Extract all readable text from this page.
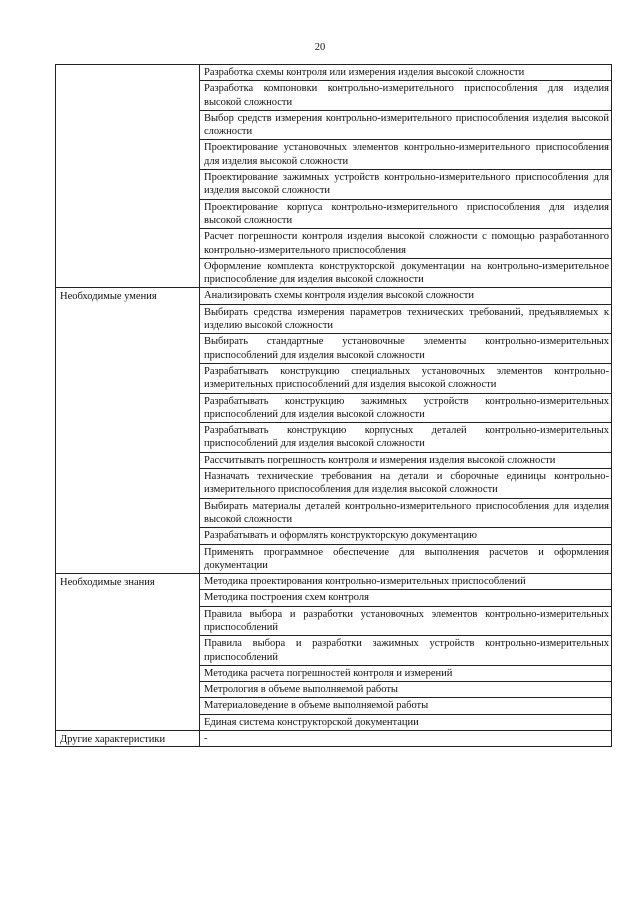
20
Разработка схемы контроля или измерения изделия высокой сложности
Разработка компоновки контрольно-измерительного приспособления для изделия высокой сложности
Выбор средств измерения контрольно-измерительного приспособления изделия высокой сложности
Проектирование установочных элементов контрольно-измерительного приспособления для изделия высокой сложности
Проектирование зажимных устройств контрольно-измерительного приспособления для изделия высокой сложности
Проектирование корпуса контрольно-измерительного приспособления для изделия высокой сложности
Расчет погрешности контроля изделия высокой сложности с помощью разработанного контрольно-измерительного приспособления
Оформление комплекта конструкторской документации на контрольно-измерительное приспособление для изделия высокой сложности
Необходимые умения	Анализировать схемы контроля изделия высокой сложности
Выбирать средства измерения параметров технических требований, предъявляемых к изделию высокой сложности
Выбирать стандартные установочные элементы контрольно-измерительных приспособлений для изделия высокой сложности
Разрабатывать конструкцию специальных установочных элементов контрольно-измерительных приспособлений для изделия высокой сложности
Разрабатывать конструкцию зажимных устройств контрольно-измерительных приспособлений для изделия высокой сложности
Разрабатывать конструкцию корпусных деталей контрольно-измерительных приспособлений для изделия высокой сложности
Рассчитывать погрешность контроля и измерения изделия высокой сложности
Назначать технические требования на детали и сборочные единицы контрольно-измерительного приспособления для изделия высокой сложности
Выбирать материалы деталей контрольно-измерительного приспособления для изделия высокой сложности
Разрабатывать и оформлять конструкторскую документацию
Применять программное обеспечение для выполнения расчетов и оформления документации
Необходимые знания	Методика проектирования контрольно-измерительных приспособлений
Методика построения схем контроля
Правила выбора и разработки установочных элементов контрольно-измерительных приспособлений
Правила выбора и разработки зажимных устройств контрольно-измерительных приспособлений
Методика расчета погрешностей контроля и измерений
Метрология в объеме выполняемой работы
Материаловедение в объеме выполняемой работы
Единая система конструкторской документации
Другие характеристики	-
